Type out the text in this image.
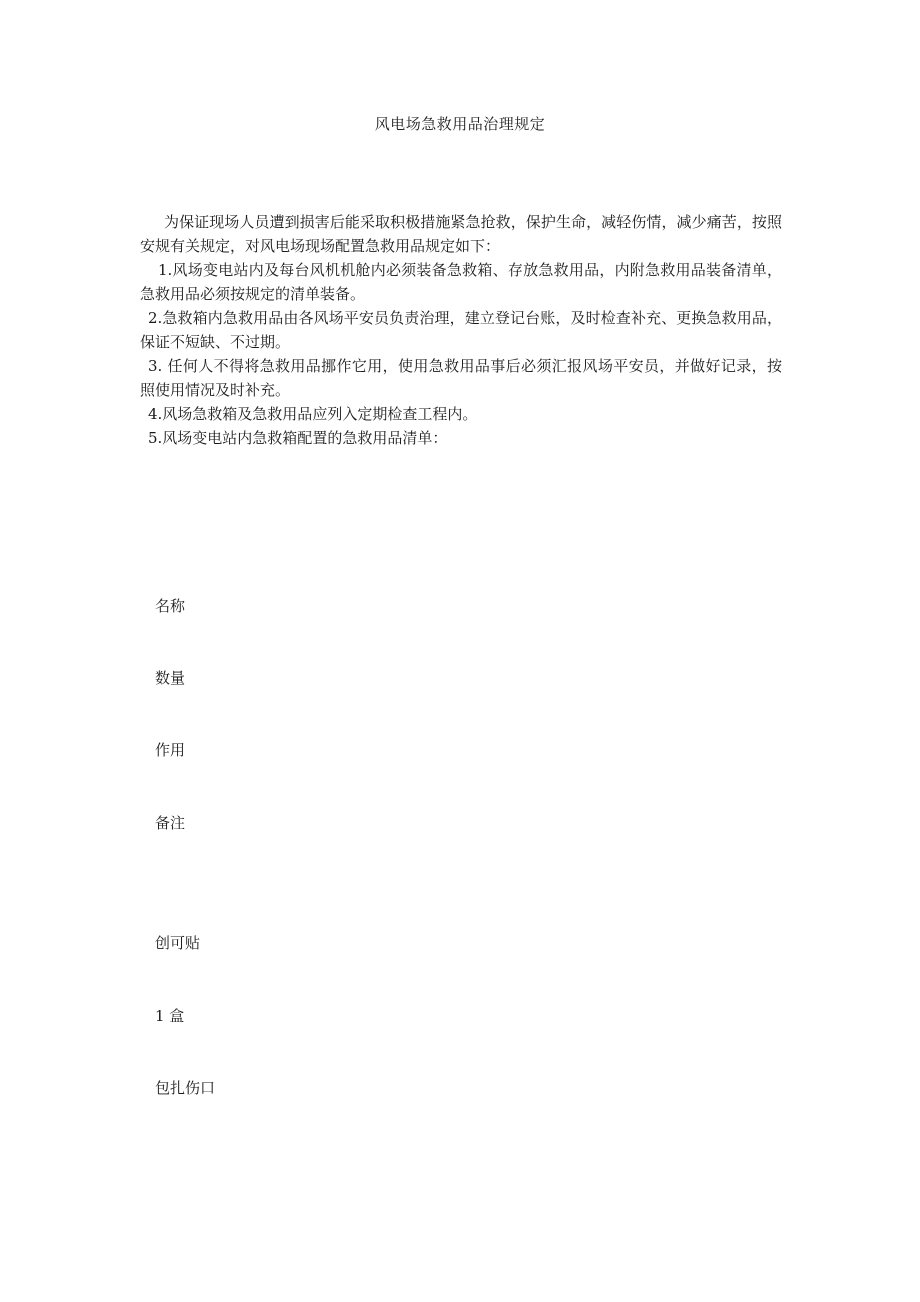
风电场急救用品治理规定

为保证现场人员遭到损害后能采取积极措施紧急抢救，保护生命，减轻伤情，减少痛苦，按照安规有关规定，对风电场现场配置急救用品规定如下：

1.风场变电站内及每台风机机舱内必须装备急救箱、存放急救用品，内附急救用品装备清单，急救用品必须按规定的清单装备。

2.急救箱内急救用品由各风场平安员负责治理，建立登记台账，及时检查补充、更换急救用品，保证不短缺、不过期。

3. 任何人不得将急救用品挪作它用，使用急救用品事后必须汇报风场平安员，并做好记录，按照使用情况及时补充。

4.风场急救箱及急救用品应列入定期检查工程内。

5.风场变电站内急救箱配置的急救用品清单：

名称
数量
作用
备注
创可贴
1 盒
包扎伤口
